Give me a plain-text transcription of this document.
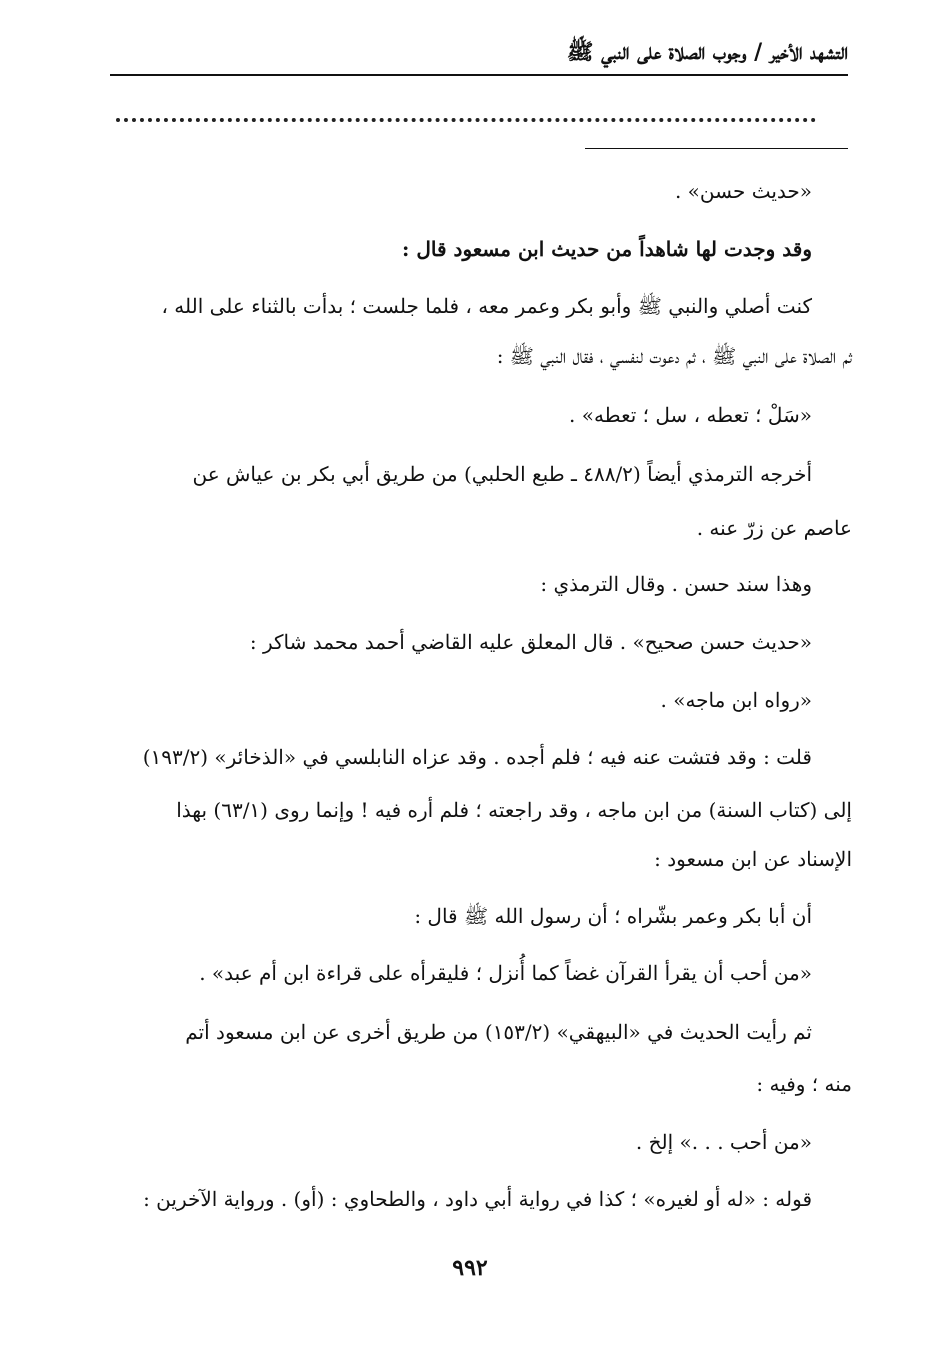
التشهد الأخير / وجوب الصلاة على النبي ﷺ
«حديث حسن» .
وقد وجدت لها شاهداً من حديث ابن مسعود قال :
كنت أصلي والنبي ﷺ وأبو بكر وعمر معه ، فلما جلست ؛ بدأت بالثناء على الله ،
ثم الصلاة على النبي ﷺ ، ثم دعوت لنفسي ، فقال النبي ﷺ :
«سَلْ ؛ تعطه ، سل ؛ تعطه» .
أخرجه الترمذي أيضاً (٤٨٨/٢ ـ طبع الحلبي) من طريق أبي بكر بن عياش عن
عاصم عن زرّ عنه .
وهذا سند حسن . وقال الترمذي :
«حديث حسن صحيح» . قال المعلق عليه القاضي أحمد محمد شاكر :
«رواه ابن ماجه» .
قلت : وقد فتشت عنه فيه ؛ فلم أجده . وقد عزاه النابلسي في «الذخائر» (١٩٣/٢)
إلى (كتاب السنة) من ابن ماجه ، وقد راجعته ؛ فلم أره فيه ! وإنما روى (٦٣/١) بهذا
الإسناد عن ابن مسعود :
أن أبا بكر وعمر بشّراه ؛ أن رسول الله ﷺ قال :
«من أحب أن يقرأ القرآن غضاً كما أُنزل ؛ فليقرأه على قراءة ابن أم عبد» .
ثم رأيت الحديث في «البيهقي» (١٥٣/٢) من طريق أخرى عن ابن مسعود أتم
منه ؛ وفيه :
«من أحب . . .» إلخ .
قوله : «له أو لغيره» ؛ كذا في رواية أبي داود ، والطحاوي : (أو) . ورواية الآخرين :
٩٩٢
